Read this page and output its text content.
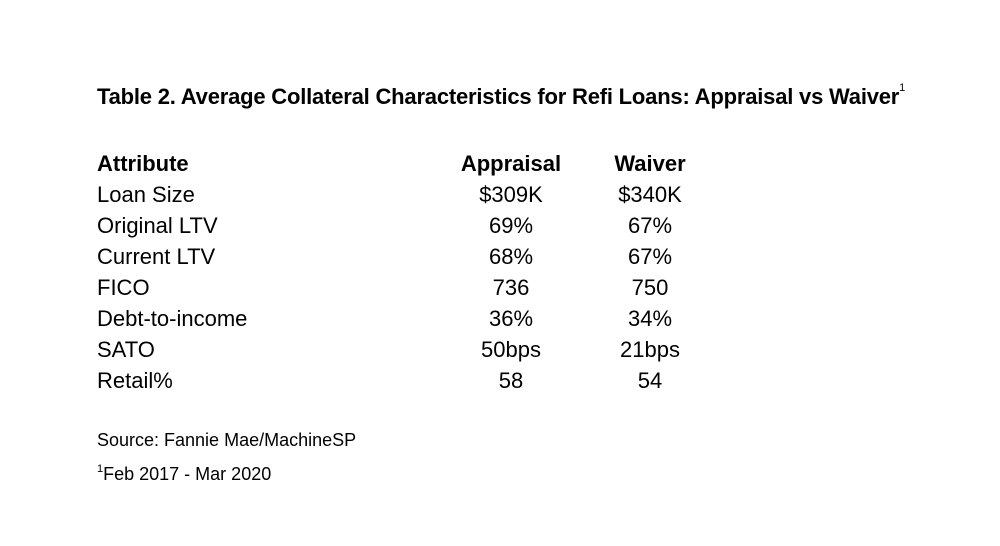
Table 2. Average Collateral Characteristics for Refi Loans: Appraisal vs Waiver$^1$
Attribute	Appraisal	Waiver
Loan Size	$309K	$340K
Original LTV	69%	67%
Current LTV	68%	67%
FICO	736	750
Debt-to-income	36%	34%
SATO	50bps	21bps
Retail%	58	54
Source: Fannie Mae/MachineSP
$^1$Feb 2017 - Mar 2020
